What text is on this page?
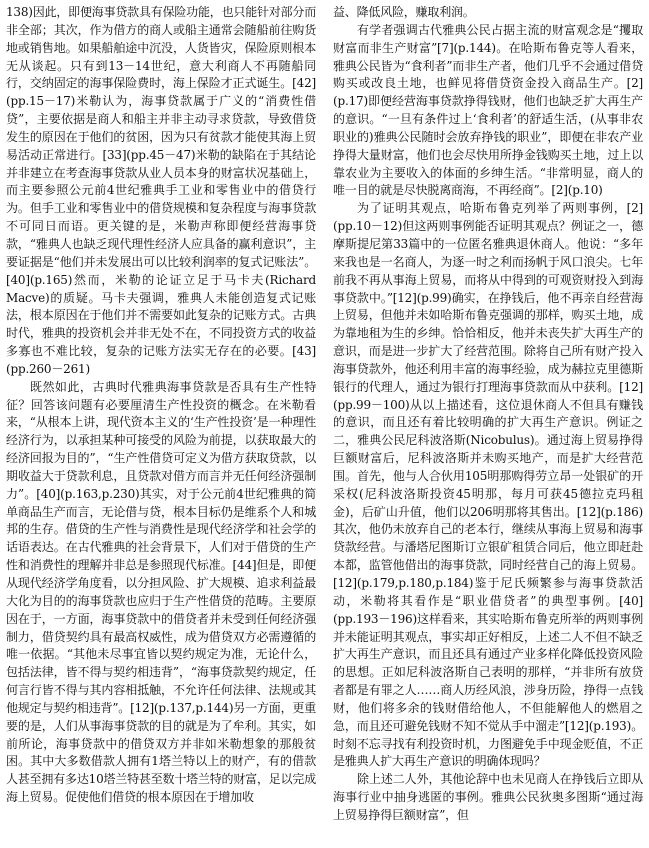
138)因此，即便海事贷款具有保险功能，也只能针对部分而非全部；其次，作为借方的商人或船主通常会随船前往购货地或销售地。如果船舶途中沉没，人货皆灾，保险原则根本无从谈起。只有到13－14世纪，意大利商人不再随船同行，交纳固定的海事保险费时，海上保险才正式诞生。[42](pp.15－17)米勒认为，海事贷款属于广义的“消费性借贷”，主要依据是商人和船主并非主动寻求贷款，导致借贷发生的原因在于他们的贫困，因为只有贫款才能使其海上贸易活动正常进行。[33](pp.45－47)米勒的缺陷在于其结论并非建立在考查海事贷款从业人员本身的财富状况基础上，而主要参照公元前4世纪雅典手工业和零售业中的借贷行为。但手工业和零售业中的借贷规模和复杂程度与海事贷款不可同日而语。更关键的是，米勒声称即便经营海事贷款，“雅典人也缺乏现代理性经济人应具备的赢利意识”，主要证据是“他们并未发展出可以比较利润率的复式记账法”。[40](p.165)然而，米勒的论证立足于马卡夫(Richard Macve)的质疑。马卡夫强调，雅典人未能创造复式记账法，根本原因在于他们并不需要如此复杂的记账方式。古典时代，雅典的投资机会并非无处不在，不同投资方式的收益多寡也不难比较，复杂的记账方法实无存在的必要。[43](pp.260－261)

既然如此，古典时代雅典海事贷款是否具有生产性特征？回答该问题有必要厘清生产性投资的概念。在米勒看来，“从根本上讲，现代资本主义的‘生产性投资’是一种理性经济行为，以承担某种可接受的风险为前提，以获取最大的经济回报为目的”，“生产性借贷可定义为借方获取贷款，以期收益大于贷款利息，且贷款对借方而言并无任何经济强制力”。[40](p.163,p.230)其实，对于公元前4世纪雅典的简单商品生产而言，无论借与贷，根本目标仍是维系个人和城邦的生存。借贷的生产性与消费性是现代经济学和社会学的话语表达。在古代雅典的社会背景下，人们对于借贷的生产性和消费性的理解并非总是参照现代标准。[44]但是，即便从现代经济学角度看，以分担风险、扩大规模、追求利益最大化为目的的海事贷款也应归于生产性借贷的范畴。主要原因在于，一方面，海事贷款中的借贷者并未受到任何经济强制力，借贷契约具有最高权威性，成为借贷双方必需遵循的唯一依据。“其他未尽事宜皆以契约规定为准，无论什么，包括法律，皆不得与契约相违背”，“海事贷款契约规定，任何言行皆不得与其内容相抵触，不允许任何法律、法规或其他规定与契约相违背”。[12](p.137,p.144)另一方面，更重要的是，人们从事海事贷款的目的就是为了牟利。其实，如前所论，海事贷款中的借贷双方并非如米勒想象的那般贫困。其中大多数借款人拥有1塔兰特以上的财产，有的借款人甚至拥有多达10塔兰特甚至数十塔兰特的财富，足以完成海上贸易。促使他们借贷的根本原因在于增加收

益、降低风险，赚取利润。

有学者强调古代雅典公民占据主流的财富观念是“攫取财富而非生产财富”[7](p.144)。在哈斯布鲁克等人看来，雅典公民皆为“食利者”而非生产者，他们几乎不会通过借贷购买或改良土地，也鲜见将借贷资金投入商品生产。[2](p.17)即便经营海事贷款挣得钱财，他们也缺乏扩大再生产的意识。“一旦有条件过上‘食利者’的舒适生活，(从事非农职业的)雅典公民随时会放弃挣钱的职业”，即便在非农产业挣得大量财富，他们也会尽快用所挣金钱购买土地，过上以靠农业为主要收入的体面的乡绅生活。“非常明显，商人的唯一目的就是尽快脱离商海，不再经商”。[2](p.10)

为了证明其观点，哈斯布鲁克列举了两则事例，[2](pp.10－12)但这两则事例能否证明其观点？例证之一，德摩斯提尼第33篇中的一位匿名雅典退休商人。他说：“多年来我也是一名商人，为逐一时之利而扬帆于风口浪尖。七年前我不再从事海上贸易，而将从中得到的可观资财投入到海事贷款中。”[12](p.99)确实，在挣钱后，他不再亲自经营海上贸易，但他并未如哈斯布鲁克强调的那样，购买土地，成为靠地租为生的乡绅。恰恰相反，他并未丧失扩大再生产的意识，而是进一步扩大了经营范围。除将自己所有财产投入海事贷款外，他还利用丰富的海事经验，成为赫拉克里德斯银行的代理人，通过为银行打理海事贷款而从中获利。[12](pp.99－100)从以上描述看，这位退休商人不但具有赚钱的意识，而且还有着比较明确的扩大再生产意识。例证之二，雅典公民尼科波洛斯(Nicobulus)。通过海上贸易挣得巨额财富后，尼科波洛斯并未购买地产，而是扩大经营范围。首先，他与人合伙用105明那购得劳立昂一处银矿的开采权(尼科波洛斯投资45明那，每月可获45德拉克玛租金)，后矿山升值，他们以206明那将其售出。[12](p.186)其次，他仍未放弃自己的老本行，继续从事海上贸易和海事贷款经营。与潘塔尼图斯订立银矿租赁合同后，他立即赶赴本都，监管他借出的海事贷款，同时经营自己的海上贸易。[12](p.179,p.180,p.184)鉴于尼氏频繁参与海事贷款活动，米勒将其看作是“职业借贷者”的典型事例。[40](pp.193－196)这样看来，其实哈斯布鲁克所举的两则事例并未能证明其观点，事实却正好相反，上述二人不但不缺乏扩大再生产意识，而且还具有通过产业多样化降低投资风险的思想。正如尼科波洛斯自己表明的那样，“并非所有放贷者都是有罪之人……商人历经风浪，涉身历险，挣得一点钱财，他们将多余的钱财借给他人，不但能解他人的燃眉之急，而且还可避免钱财不知不觉从手中溜走”[12](p.193)。时刻不忘寻找有利投资时机，力图避免手中现金贬值，不正是雅典人扩大再生产意识的明确体现吗？

除上述二人外，其他论辞中也未见商人在挣钱后立即从海事行业中抽身逃匿的事例。雅典公民狄奥多图斯“通过海上贸易挣得巨额财富”，但
